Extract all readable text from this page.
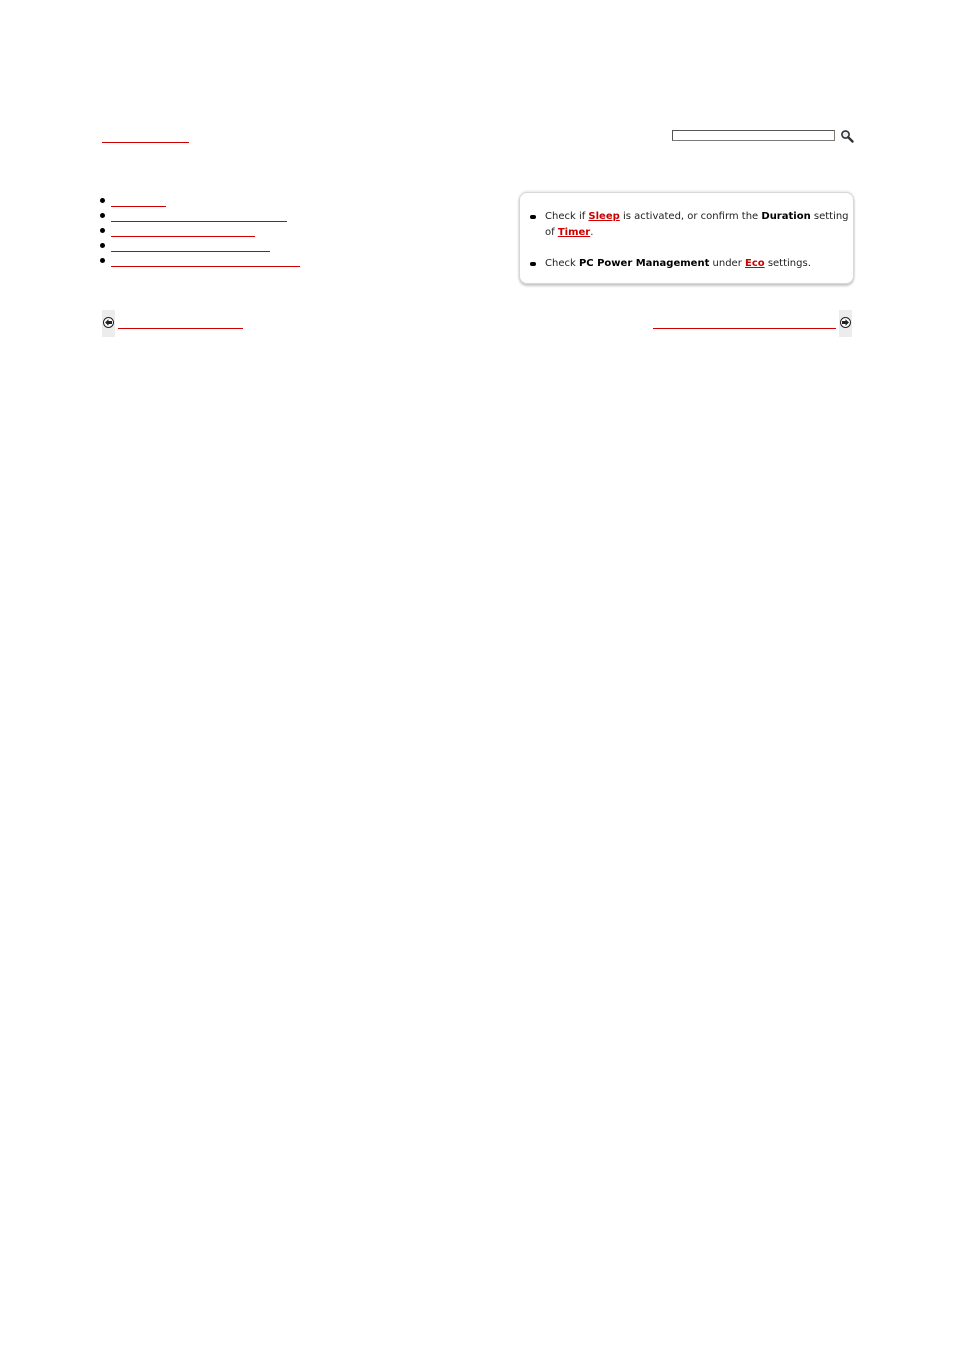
Check if Sleep is activated, or confirm the Duration setting of Timer.
Check PC Power Management under Eco settings.
